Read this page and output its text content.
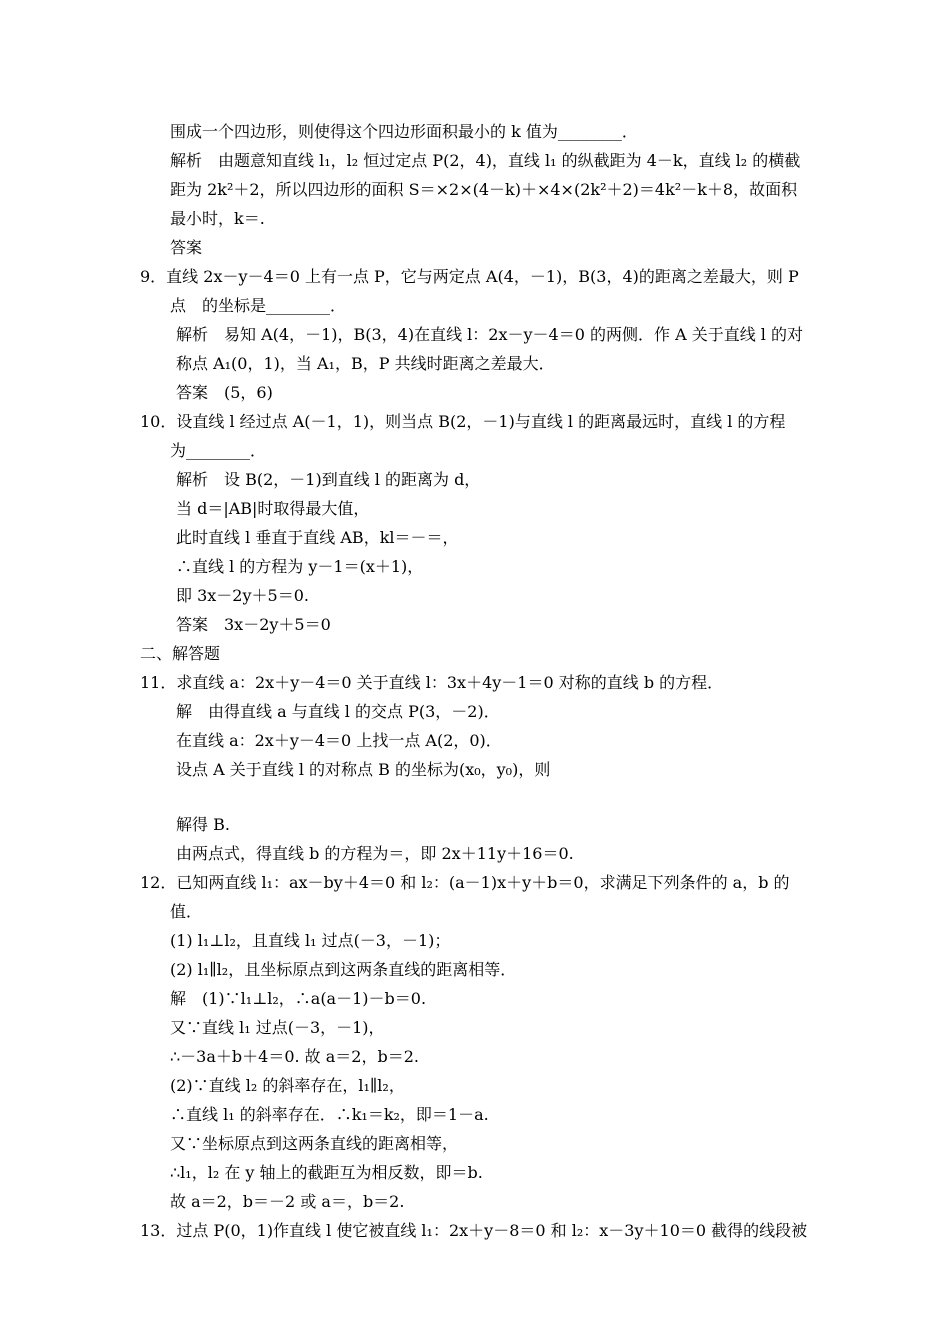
围成一个四边形，则使得这个四边形面积最小的 k 值为________．
解析　由题意知直线 l₁，l₂ 恒过定点 P(2，4)，直线 l₁ 的纵截距为 4－k，直线 l₂ 的横截
距为 2k²＋2，所以四边形的面积 S＝×2×(4－k)＋×4×(2k²＋2)＝4k²－k＋8，故面积
最小时，k＝.
答案
9．直线 2x－y－4＝0 上有一点 P，它与两定点 A(4，－1)，B(3，4)的距离之差最大，则 P
点　的坐标是________．
解析　易知 A(4，－1)，B(3，4)在直线 l：2x－y－4＝0 的两侧．作 A 关于直线 l 的对
称点 A₁(0，1)，当 A₁，B，P 共线时距离之差最大．
答案　(5，6)
10．设直线 l 经过点 A(－1，1)，则当点 B(2，－1)与直线 l 的距离最远时，直线 l 的方程
为________．
解析　设 B(2，－1)到直线 l 的距离为 d，
当 d＝|AB|时取得最大值，
此时直线 l 垂直于直线 AB，kl＝－＝，
∴直线 l 的方程为 y－1＝(x＋1)，
即 3x－2y＋5＝0.
答案　3x－2y＋5＝0
二、解答题
11．求直线 a：2x＋y－4＝0 关于直线 l：3x＋4y－1＝0 对称的直线 b 的方程．
解　由得直线 a 与直线 l 的交点 P(3，－2)．
在直线 a：2x＋y－4＝0 上找一点 A(2，0)．
设点 A 关于直线 l 的对称点 B 的坐标为(x₀，y₀)，则
解得 B.
由两点式，得直线 b 的方程为＝，即 2x＋11y＋16＝0.
12．已知两直线 l₁：ax－by＋4＝0 和 l₂：(a－1)x＋y＋b＝0，求满足下列条件的 a，b 的
值．
(1) l₁⊥l₂，且直线 l₁ 过点(－3，－1)；
(2) l₁∥l₂，且坐标原点到这两条直线的距离相等．
解　(1)∵l₁⊥l₂，∴a(a－1)－b＝0.
又∵直线 l₁ 过点(－3，－1)，
∴－3a＋b＋4＝0. 故 a＝2，b＝2.
(2)∵直线 l₂ 的斜率存在，l₁∥l₂，
∴直线 l₁ 的斜率存在．∴k₁＝k₂，即＝1－a.
又∵坐标原点到这两条直线的距离相等，
∴l₁，l₂ 在 y 轴上的截距互为相反数，即＝b.
故 a＝2，b＝－2 或 a＝，b＝2.
13．过点 P(0，1)作直线 l 使它被直线 l₁：2x＋y－8＝0 和 l₂：x－3y＋10＝0 截得的线段被
